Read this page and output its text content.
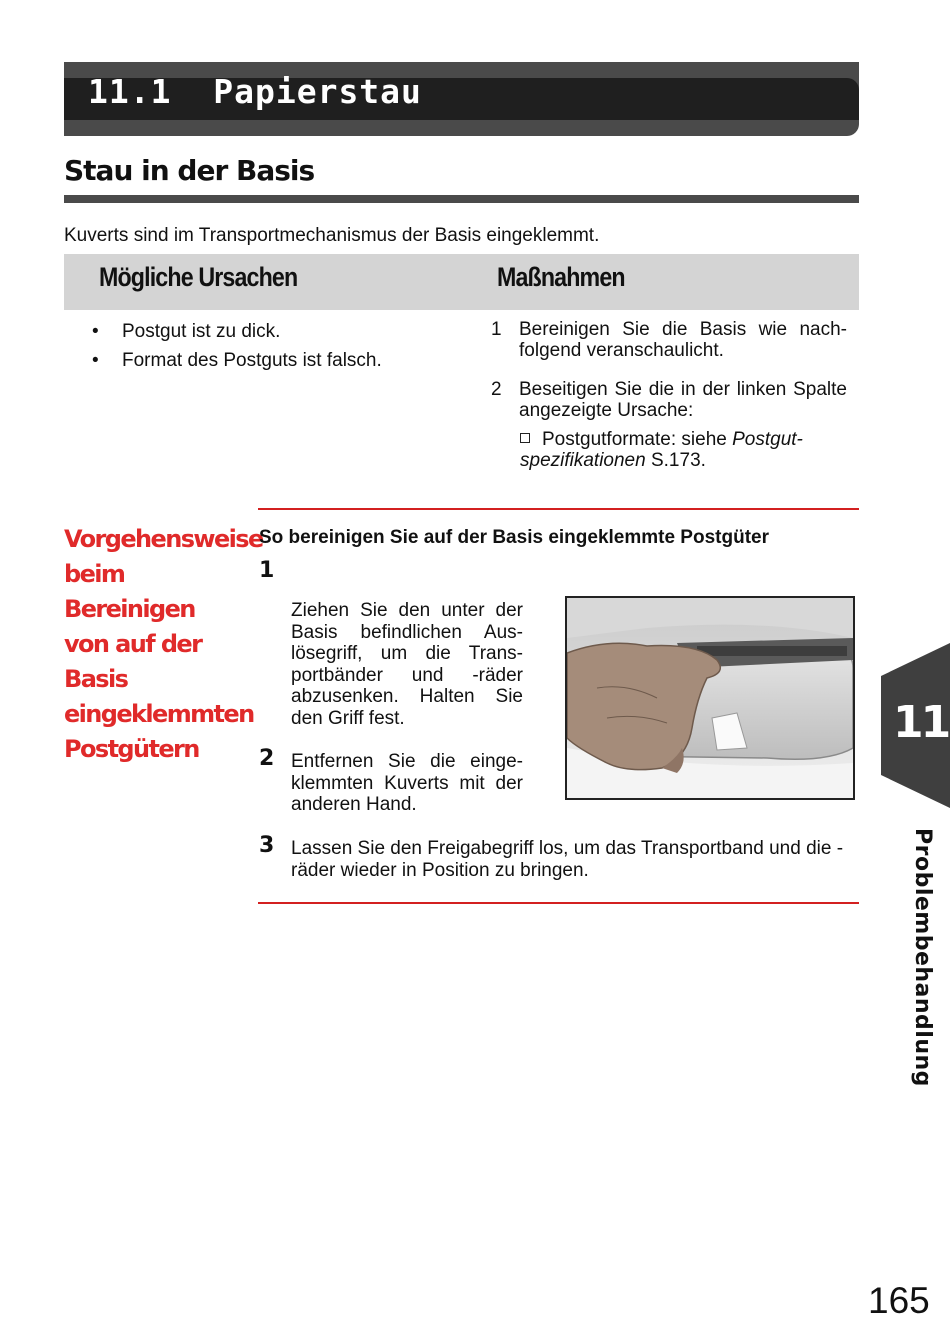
11.1 Papierstau
Stau in der Basis
Kuverts sind im Transportmechanismus der Basis eingeklemmt.
Mögliche Ursachen	Maßnahmen
• Postgut ist zu dick.
• Format des Postguts ist falsch.
1 Bereinigen Sie die Basis wie nach-folgend veranschaulicht.
2 Beseitigen Sie die in der linken Spalte angezeigte Ursache:
Postgutformate: siehe Postgut-spezifikationen S.173.
Vorgehensweise beim Bereinigen von auf der Basis eingeklemmten Postgütern
So bereinigen Sie auf der Basis eingeklemmte Postgüter
1
Ziehen Sie den unter der Basis befindlichen Aus-lösegriff, um die Trans-portbänder und -räder abzusenken. Halten Sie den Griff fest.
2 Entfernen Sie die einge-klemmten Kuverts mit der anderen Hand.
3 Lassen Sie den Freigabegriff los, um das Transportband und die -räder wieder in Position zu bringen.
11
Problembehandlung
165
